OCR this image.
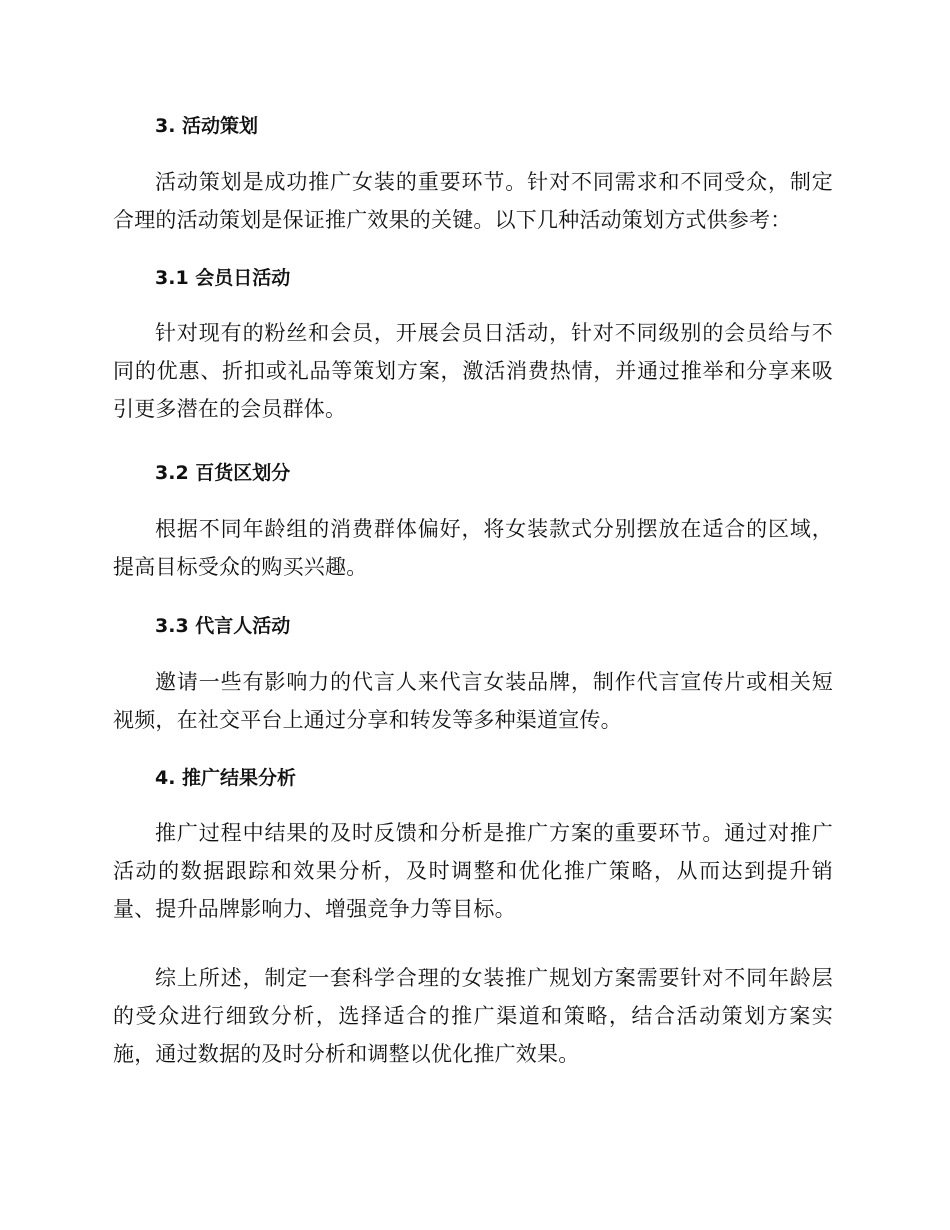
3. 活动策划
活动策划是成功推广女装的重要环节。针对不同需求和不同受众，制定合理的活动策划是保证推广效果的关键。以下几种活动策划方式供参考：
3.1 会员日活动
针对现有的粉丝和会员，开展会员日活动，针对不同级别的会员给与不同的优惠、折扣或礼品等策划方案，激活消费热情，并通过推举和分享来吸引更多潜在的会员群体。
3.2 百货区划分
根据不同年龄组的消费群体偏好，将女装款式分别摆放在适合的区域，提高目标受众的购买兴趣。
3.3 代言人活动
邀请一些有影响力的代言人来代言女装品牌，制作代言宣传片或相关短视频，在社交平台上通过分享和转发等多种渠道宣传。
4. 推广结果分析
推广过程中结果的及时反馈和分析是推广方案的重要环节。通过对推广活动的数据跟踪和效果分析，及时调整和优化推广策略，从而达到提升销量、提升品牌影响力、增强竞争力等目标。
综上所述，制定一套科学合理的女装推广规划方案需要针对不同年龄层的受众进行细致分析，选择适合的推广渠道和策略，结合活动策划方案实施，通过数据的及时分析和调整以优化推广效果。
